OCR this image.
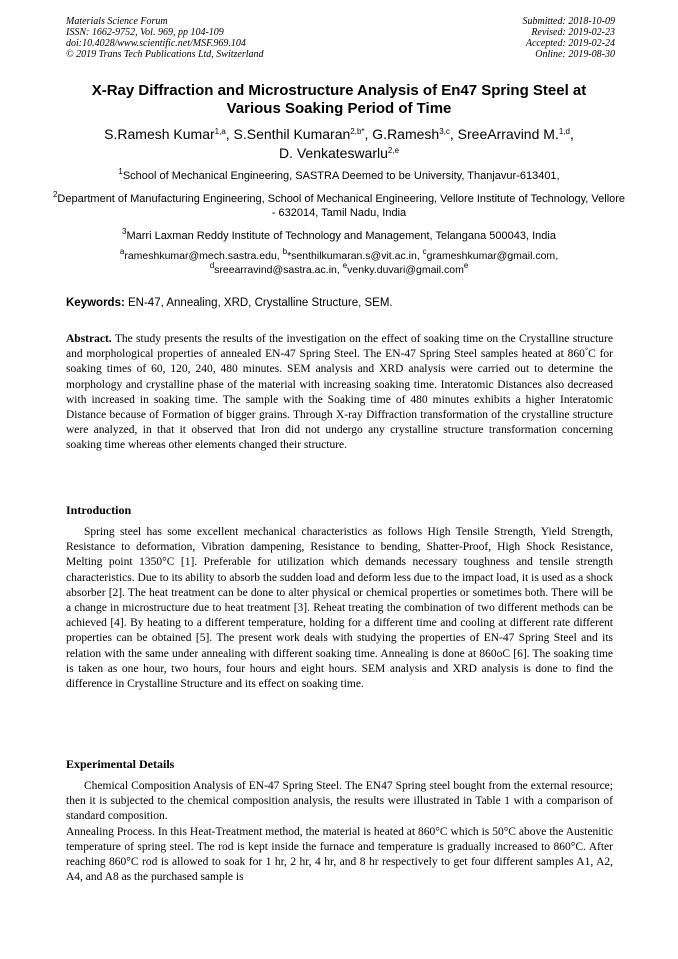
Materials Science Forum
ISSN: 1662-9752, Vol. 969, pp 104-109
doi:10.4028/www.scientific.net/MSF.969.104
© 2019 Trans Tech Publications Ltd, Switzerland
Submitted: 2018-10-09
Revised: 2019-02-23
Accepted: 2019-02-24
Online: 2019-08-30
X-Ray Diffraction and Microstructure Analysis of En47 Spring Steel at
Various Soaking Period of Time
S.Ramesh Kumar$^{1,a}$, S.Senthil Kumaran$^{2,b*}$, G.Ramesh$^{3,c}$, SreeArravind M.$^{1,d}$,
D. Venkateswarlu$^{2,e}$
$^1$School of Mechanical Engineering, SASTRA Deemed to be University, Thanjavur-613401,
$^2$Department of Manufacturing Engineering, School of Mechanical Engineering, Vellore Institute of Technology, Vellore - 632014, Tamil Nadu, India
$^3$Marri Laxman Reddy Institute of Technology and Management, Telangana 500043, India
$^a$rameshkumar@mech.sastra.edu, $^b$*senthilkumaran.s@vit.ac.in, $^c$grameshkumar@gmail.com,
$^d$sreearravind@sastra.ac.in, $^e$venky.duvari@gmail.com$^e$
Keywords: EN-47, Annealing, XRD, Crystalline Structure, SEM.

Abstract. The study presents the results of the investigation on the effect of soaking time on the Crystalline structure and morphological properties of annealed EN-47 Spring Steel. The EN-47 Spring Steel samples heated at 860°C for soaking times of 60, 120, 240, 480 minutes. SEM analysis and XRD analysis were carried out to determine the morphology and crystalline phase of the material with increasing soaking time. Interatomic Distances also decreased with increased in soaking time. The sample with the Soaking time of 480 minutes exhibits a higher Interatomic Distance because of Formation of bigger grains. Through X-ray Diffraction transformation of the crystalline structure were analyzed, in that it observed that Iron did not undergo any crystalline structure transformation concerning soaking time whereas other elements changed their structure.

Introduction

Spring steel has some excellent mechanical characteristics as follows High Tensile Strength, Yield Strength, Resistance to deformation, Vibration dampening, Resistance to bending, Shatter-Proof, High Shock Resistance, Melting point 1350°C [1]. Preferable for utilization which demands necessary toughness and tensile strength characteristics. Due to its ability to absorb the sudden load and deform less due to the impact load, it is used as a shock absorber [2]. The heat treatment can be done to alter physical or chemical properties or sometimes both. There will be a change in microstructure due to heat treatment [3]. Reheat treating the combination of two different methods can be achieved [4]. By heating to a different temperature, holding for a different time and cooling at different rate different properties can be obtained [5]. The present work deals with studying the properties of EN-47 Spring Steel and its relation with the same under annealing with different soaking time. Annealing is done at 860oC [6]. The soaking time is taken as one hour, two hours, four hours and eight hours. SEM analysis and XRD analysis is done to find the difference in Crystalline Structure and its effect on soaking time.

Experimental Details

Chemical Composition Analysis of EN-47 Spring Steel. The EN47 Spring steel bought from the external resource; then it is subjected to the chemical composition analysis, the results were illustrated in Table 1 with a comparison of standard composition.

Annealing Process. In this Heat-Treatment method, the material is heated at 860°C which is 50°C above the Austenitic temperature of spring steel. The rod is kept inside the furnace and temperature is gradually increased to 860°C. After reaching 860°C rod is allowed to soak for 1 hr, 2 hr, 4 hr, and 8 hr respectively to get four different samples A1, A2, A4, and A8 as the purchased sample is
